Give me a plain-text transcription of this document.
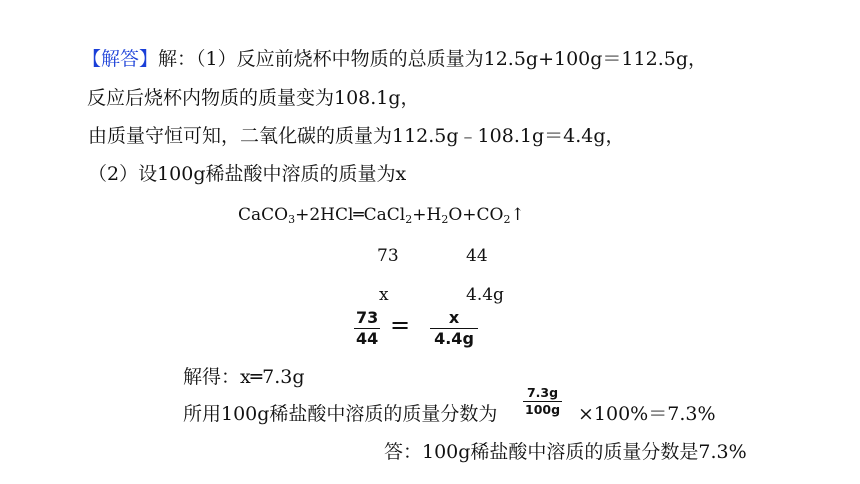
【解答】解：（1）反应前烧杯中物质的总质量为12.5g+100g＝112.5g，
反应后烧杯内物质的质量变为108.1g，
由质量守恒可知，二氧化碳的质量为112.5g﹣108.1g＝4.4g，
（2）设100g稀盐酸中溶质的质量为x
$CaCO_3+2HCl═CaCl_2+H_2O+CO_2↑$
73	44
x	4.4g
73
44 = x
4.4g
解得：x═7.3g
所用100g稀盐酸中溶质的质量分数为
7.3g
100g ×100%＝7.3%
答：100g稀盐酸中溶质的质量分数是7.3%
